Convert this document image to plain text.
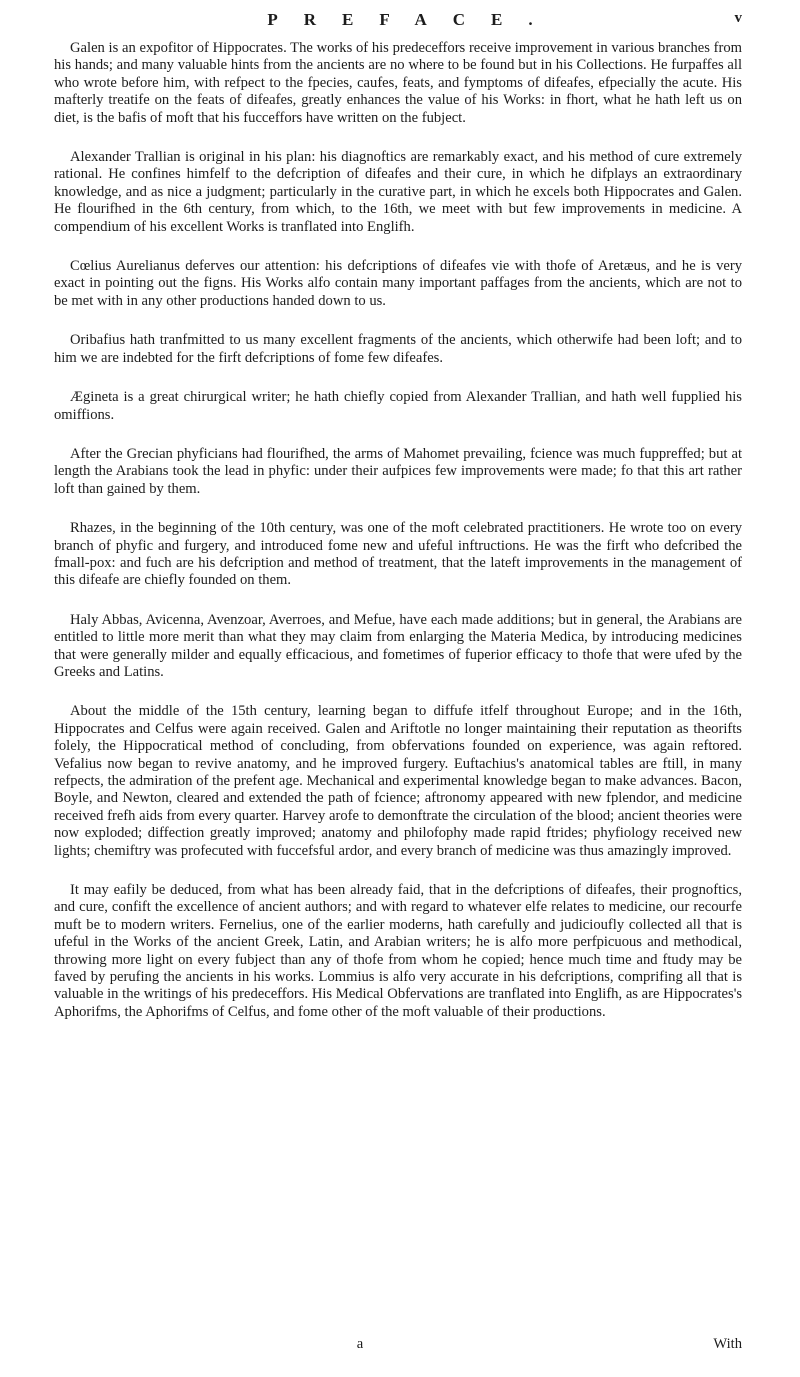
PREFACE.	v

Galen is an expofitor of Hippocrates. The works of his predeceffors receive improvement in various branches from his hands; and many valuable hints from the ancients are no where to be found but in his Collections. He furpaffes all who wrote before him, with refpect to the fpecies, caufes, feats, and fymptoms of difeafes, efpecially the acute. His mafterly treatife on the feats of difeafes, greatly enhances the value of his Works: in fhort, what he hath left us on diet, is the bafis of moft that his fucceffors have written on the fubject.

Alexander Trallian is original in his plan: his diagnoftics are remarkably exact, and his method of cure extremely rational. He confines himfelf to the defcription of difeafes and their cure, in which he difplays an extraordinary knowledge, and as nice a judgment; particularly in the curative part, in which he excels both Hippocrates and Galen. He flourifhed in the 6th century, from which, to the 16th, we meet with but few improvements in medicine. A compendium of his excellent Works is tranflated into Englifh.

Cœlius Aurelianus deferves our attention: his defcriptions of difeafes vie with thofe of Aretæus, and he is very exact in pointing out the figns. His Works alfo contain many important paffages from the ancients, which are not to be met with in any other productions handed down to us.

Oribafius hath tranfmitted to us many excellent fragments of the ancients, which otherwife had been loft; and to him we are indebted for the firft defcriptions of fome few difeafes.

Ægineta is a great chirurgical writer; he hath chiefly copied from Alexander Trallian, and hath well fupplied his omiffions.

After the Grecian phyficians had flourifhed, the arms of Mahomet prevailing, fcience was much fuppreffed; but at length the Arabians took the lead in phyfic: under their aufpices few improvements were made; fo that this art rather loft than gained by them.

Rhazes, in the beginning of the 10th century, was one of the moft celebrated practitioners. He wrote too on every branch of phyfic and furgery, and introduced fome new and ufeful inftructions. He was the firft who defcribed the fmall-pox: and fuch are his defcription and method of treatment, that the lateft improvements in the management of this difeafe are chiefly founded on them.

Haly Abbas, Avicenna, Avenzoar, Averroes, and Mefue, have each made additions; but in general, the Arabians are entitled to little more merit than what they may claim from enlarging the Materia Medica, by introducing medicines that were generally milder and equally efficacious, and fometimes of fuperior efficacy to thofe that were ufed by the Greeks and Latins.

About the middle of the 15th century, learning began to diffufe itfelf throughout Europe; and in the 16th, Hippocrates and Celfus were again received. Galen and Ariftotle no longer maintaining their reputation as theorifts folely, the Hippocratical method of concluding, from obfervations founded on experience, was again reftored. Vefalius now began to revive anatomy, and he improved furgery. Euftachius's anatomical tables are ftill, in many refpects, the admiration of the prefent age. Mechanical and experimental knowledge began to make advances. Bacon, Boyle, and Newton, cleared and extended the path of fcience; aftronomy appeared with new fplendor, and medicine received frefh aids from every quarter. Harvey arofe to demonftrate the circulation of the blood; ancient theories were now exploded; diffection greatly improved; anatomy and philofophy made rapid ftrides; phyfiology received new lights; chemiftry was profecuted with fuccefsful ardor, and every branch of medicine was thus amazingly improved.

It may eafily be deduced, from what has been already faid, that in the defcriptions of difeafes, their prognoftics, and cure, confift the excellence of ancient authors; and with regard to whatever elfe relates to medicine, our recourfe muft be to modern writers. Fernelius, one of the earlier moderns, hath carefully and judicioufly collected all that is ufeful in the Works of the ancient Greek, Latin, and Arabian writers; he is alfo more perfpicuous and methodical, throwing more light on every fubject than any of thofe from whom he copied; hence much time and ftudy may be faved by perufing the ancients in his works. Lommius is alfo very accurate in his defcriptions, comprifing all that is valuable in the writings of his predeceffors. His Medical Obfervations are tranflated into Englifh, as are Hippocrates's Aphorifms, the Aphorifms of Celfus, and fome other of the moft valuable of their productions.

a	With
